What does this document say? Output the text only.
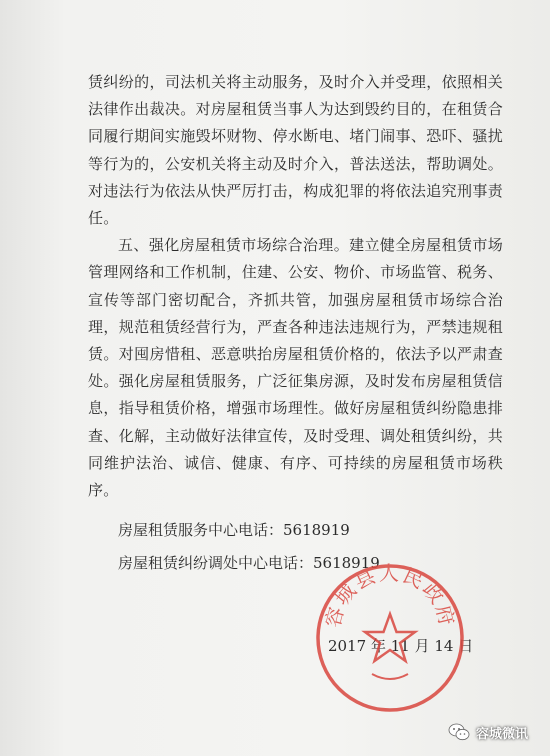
赁纠纷的，司法机关将主动服务，及时介入并受理，依照相关法律作出裁决。对房屋租赁当事人为达到毁约目的，在租赁合同履行期间实施毁坏财物、停水断电、堵门闹事、恐吓、骚扰等行为的，公安机关将主动及时介入，普法送法，帮助调处。对违法行为依法从快严厉打击，构成犯罪的将依法追究刑事责任。

五、强化房屋租赁市场综合治理。建立健全房屋租赁市场管理网络和工作机制，住建、公安、物价、市场监管、税务、宣传等部门密切配合，齐抓共管，加强房屋租赁市场综合治理，规范租赁经营行为，严查各种违法违规行为，严禁违规租赁。对囤房惜租、恶意哄抬房屋租赁价格的，依法予以严肃查处。强化房屋租赁服务，广泛征集房源，及时发布房屋租赁信息，指导租赁价格，增强市场理性。做好房屋租赁纠纷隐患排查、化解，主动做好法律宣传，及时受理、调处租赁纠纷，共同维护法治、诚信、健康、有序、可持续的房屋租赁市场秩序。

房屋租赁服务中心电话：5618919
房屋租赁纠纷调处中心电话：5618919
2017 年 11 月 14 日
容城县人民政府
容城微讯
